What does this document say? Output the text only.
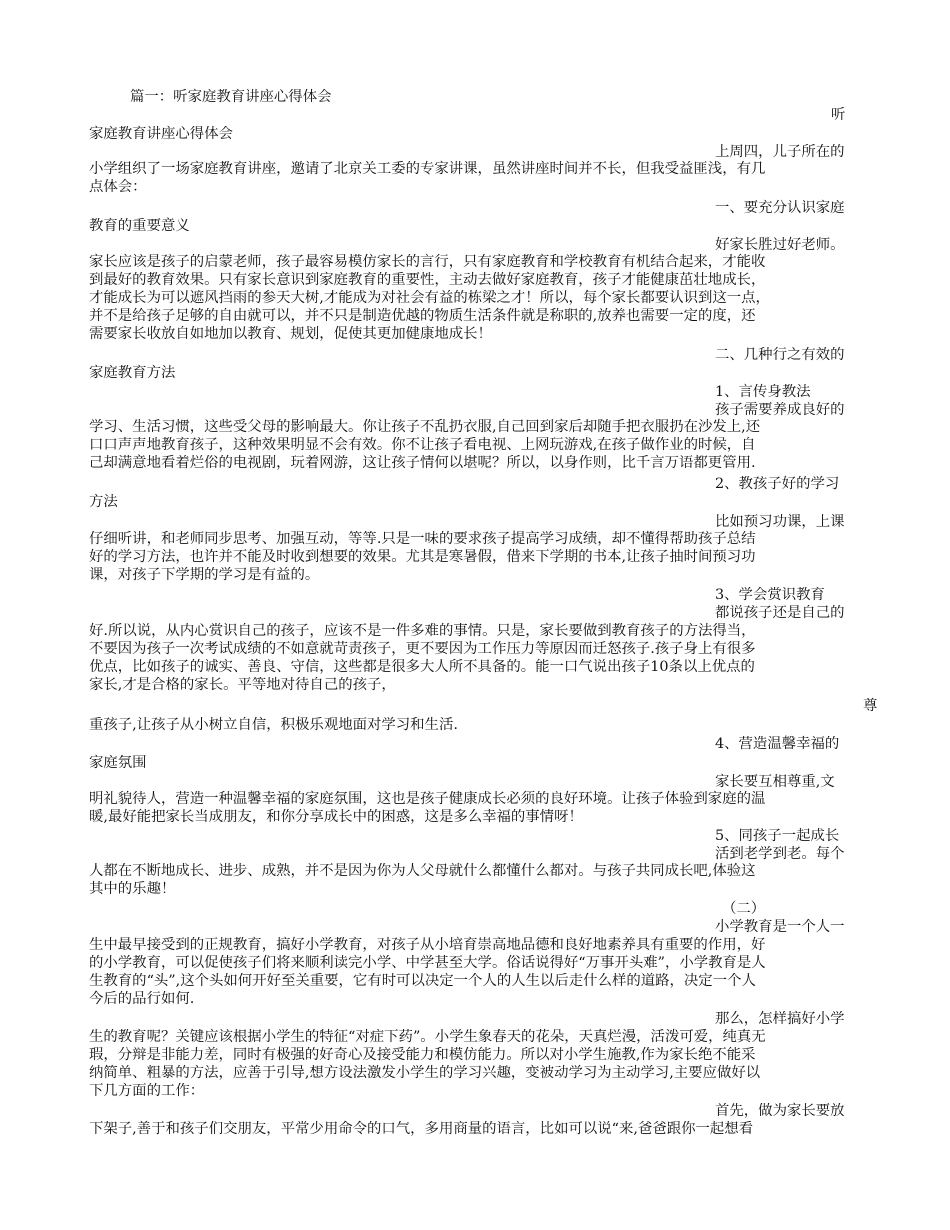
篇一：听家庭教育讲座心得体会
听
家庭教育讲座心得体会
上周四，儿子所在的
小学组织了一场家庭教育讲座，邀请了北京关工委的专家讲课，虽然讲座时间并不长，但我受益匪浅，有几
点体会：
一、要充分认识家庭
教育的重要意义
好家长胜过好老师。
家长应该是孩子的启蒙老师，孩子最容易模仿家长的言行，只有家庭教育和学校教育有机结合起来，才能收
到最好的教育效果。只有家长意识到家庭教育的重要性，主动去做好家庭教育，孩子才能健康茁壮地成长，
才能成长为可以遮风挡雨的参天大树,才能成为对社会有益的栋梁之才！所以，每个家长都要认识到这一点，
并不是给孩子足够的自由就可以，并不只是制造优越的物质生活条件就是称职的,放养也需要一定的度，还
需要家长收放自如地加以教育、规划，促使其更加健康地成长！
二、几种行之有效的
家庭教育方法
1、言传身教法
孩子需要养成良好的
学习、生活习惯，这些受父母的影响最大。你让孩子不乱扔衣服,自己回到家后却随手把衣服扔在沙发上,还
口口声声地教育孩子，这种效果明显不会有效。你不让孩子看电视、上网玩游戏,在孩子做作业的时候，自
己却满意地看着烂俗的电视剧，玩着网游，这让孩子情何以堪呢？所以，以身作则，比千言万语都更管用.
2、教孩子好的学习
方法
比如预习功课，上课
仔细听讲，和老师同步思考、加强互动，等等.只是一味的要求孩子提高学习成绩，却不懂得帮助孩子总结
好的学习方法，也许并不能及时收到想要的效果。尤其是寒暑假，借来下学期的书本,让孩子抽时间预习功
课，对孩子下学期的学习是有益的。
3、学会赏识教育
都说孩子还是自己的
好.所以说，从内心赏识自己的孩子，应该不是一件多难的事情。只是，家长要做到教育孩子的方法得当，
不要因为孩子一次考试成绩的不如意就苛责孩子，更不要因为工作压力等原因而迁怒孩子.孩子身上有很多
优点，比如孩子的诚实、善良、守信，这些都是很多大人所不具备的。能一口气说出孩子10条以上优点的
家长,才是合格的家长。平等地对待自己的孩子，
尊
重孩子,让孩子从小树立自信，积极乐观地面对学习和生活.
4、营造温馨幸福的
家庭氛围
家长要互相尊重,文
明礼貌待人，营造一种温馨幸福的家庭氛围，这也是孩子健康成长必须的良好环境。让孩子体验到家庭的温
暖,最好能把家长当成朋友，和你分享成长中的困惑，这是多么幸福的事情呀！
5、同孩子一起成长
活到老学到老。每个
人都在不断地成长、进步、成熟，并不是因为你为人父母就什么都懂什么都对。与孩子共同成长吧,体验这
其中的乐趣！
（二）
小学教育是一个人一
生中最早接受到的正规教育，搞好小学教育，对孩子从小培育崇高地品德和良好地素养具有重要的作用，好
的小学教育，可以促使孩子们将来顺利读完小学、中学甚至大学。俗话说得好“万事开头难”，小学教育是人
生教育的“头”,这个头如何开好至关重要，它有时可以决定一个人的人生以后走什么样的道路，决定一个人
今后的品行如何.
那么，怎样搞好小学
生的教育呢？关键应该根据小学生的特征“对症下药”。小学生象春天的花朵，天真烂漫，活泼可爱，纯真无
瑕，分辩是非能力差，同时有极强的好奇心及接受能力和模仿能力。所以对小学生施教,作为家长绝不能采
纳简单、粗暴的方法，应善于引导,想方设法激发小学生的学习兴趣，变被动学习为主动学习,主要应做好以
下几方面的工作：
首先，做为家长要放
下架子,善于和孩子们交朋友，平常少用命令的口气，多用商量的语言，比如可以说“来,爸爸跟你一起想看
